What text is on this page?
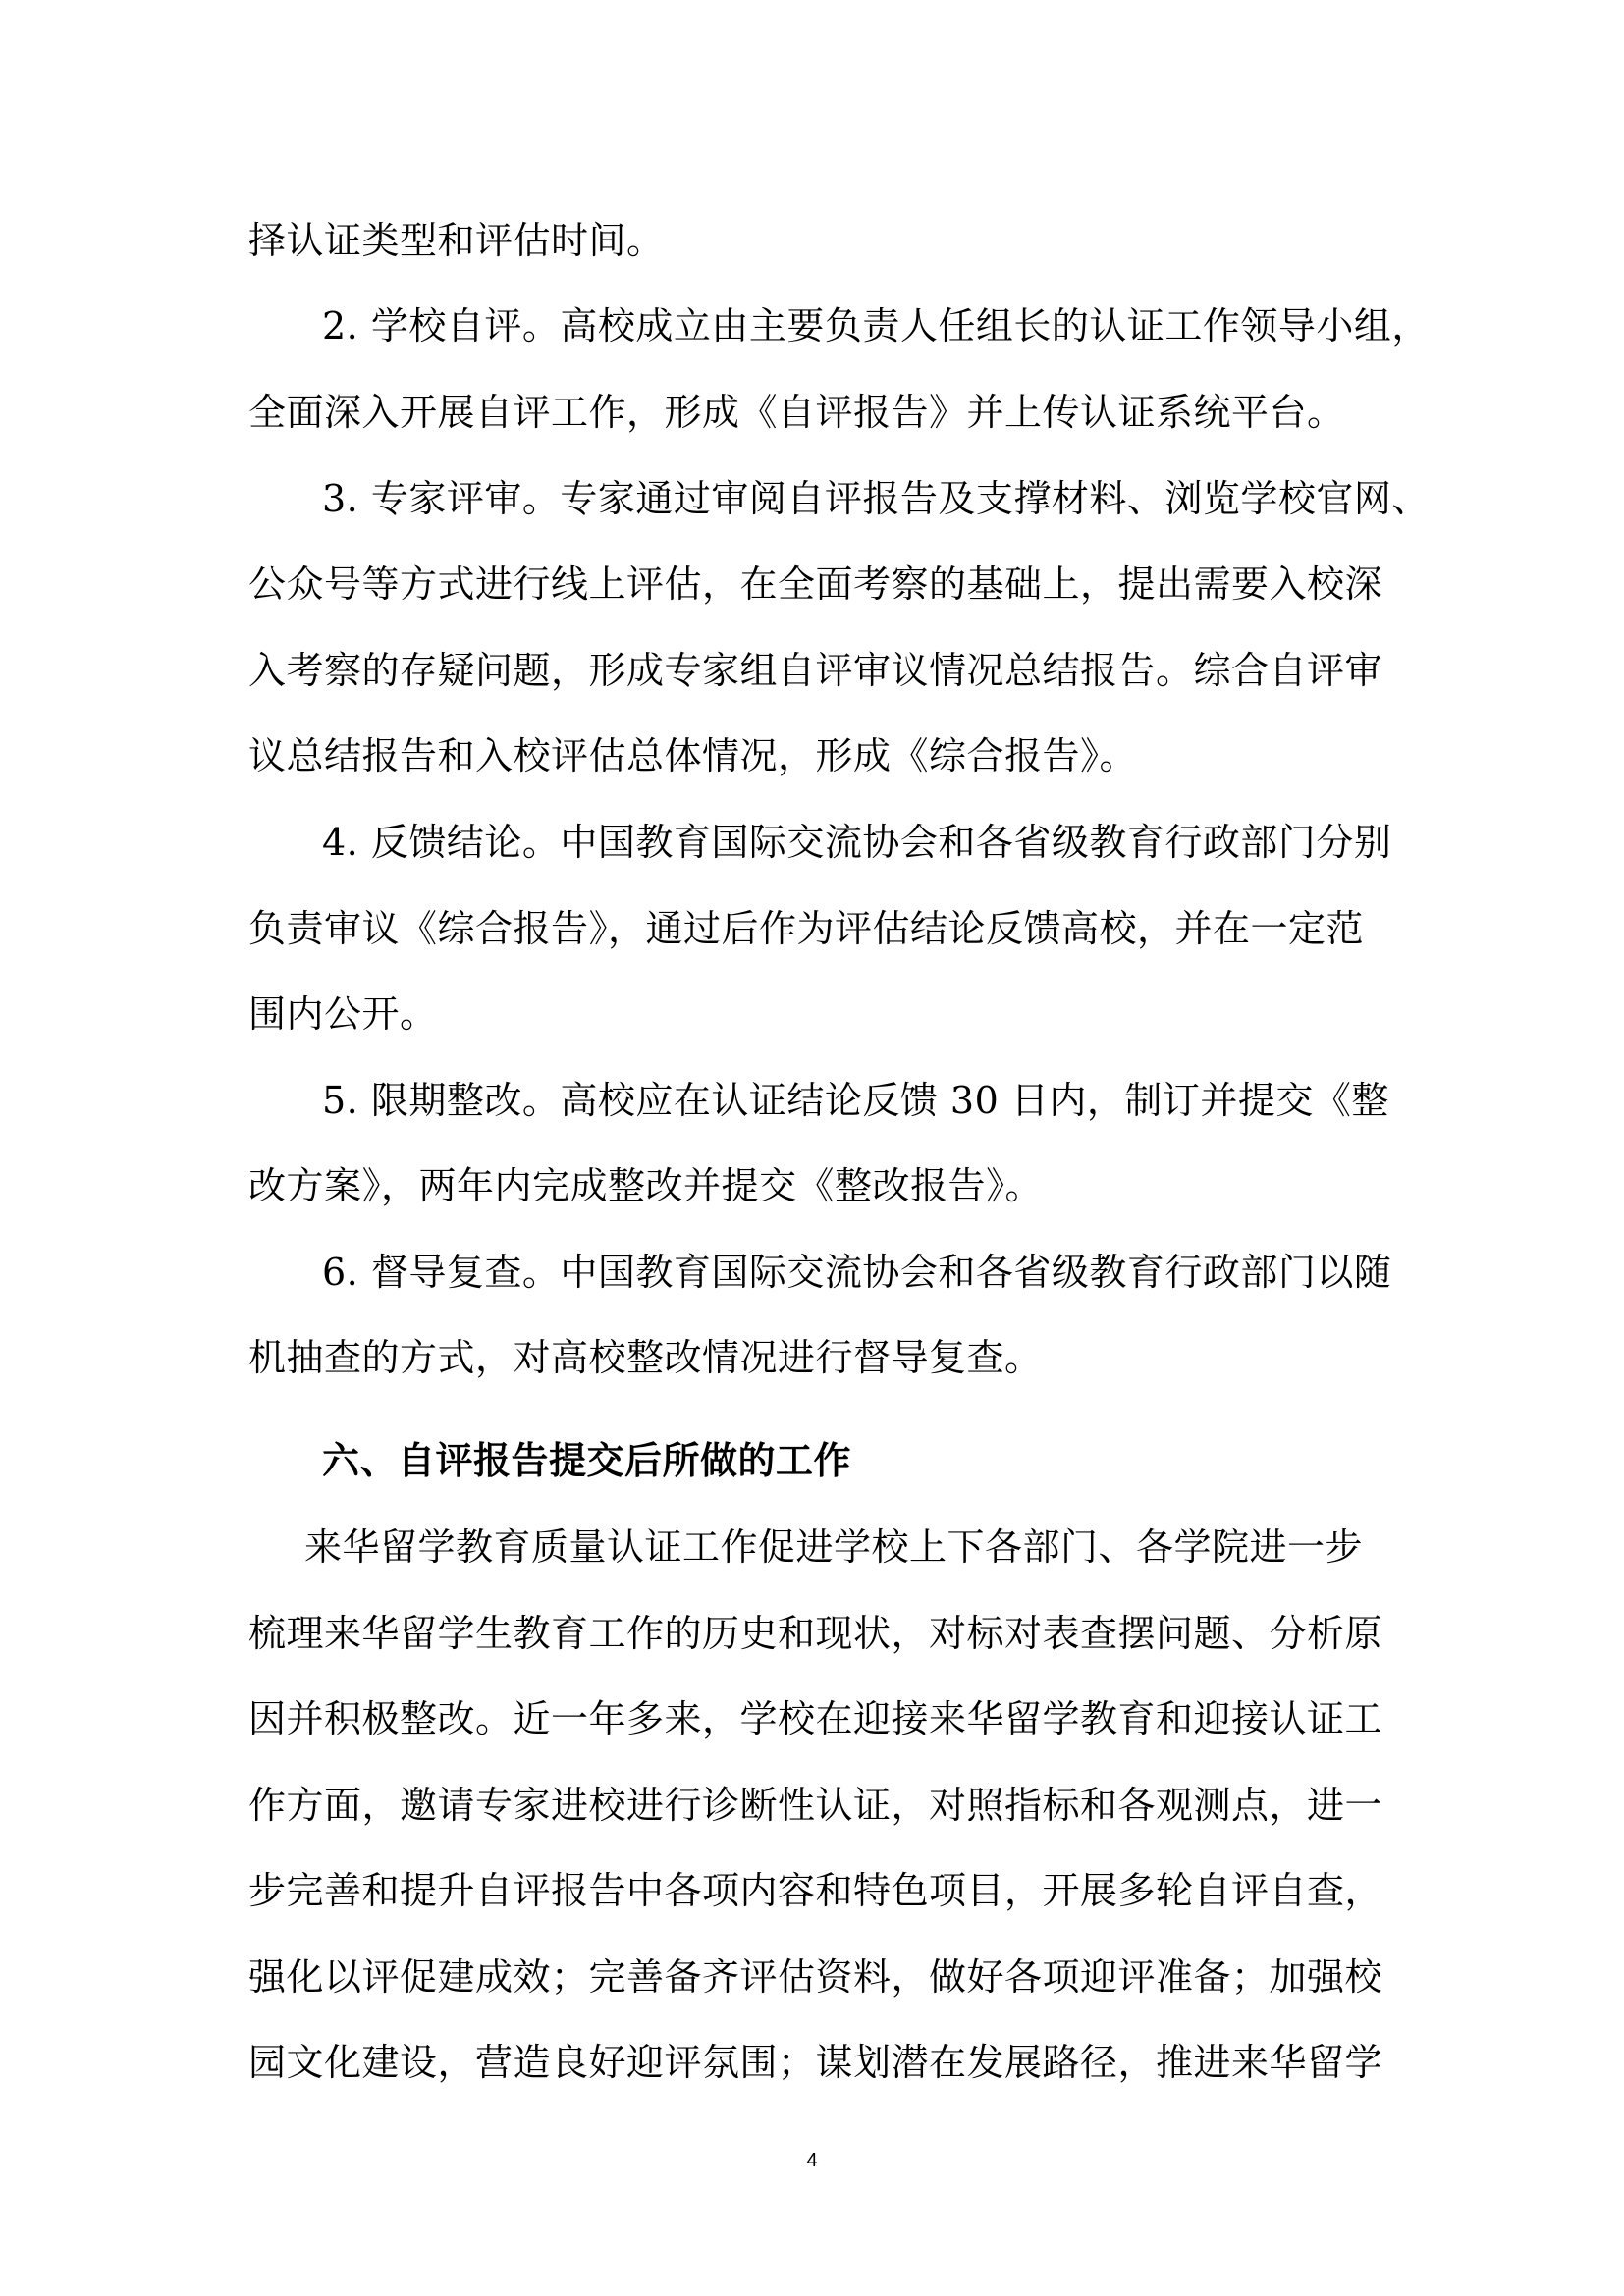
择认证类型和评估时间。
2. 学校自评。高校成立由主要负责人任组长的认证工作领导小组，
全面深入开展自评工作，形成《自评报告》并上传认证系统平台。
3. 专家评审。专家通过审阅自评报告及支撑材料、浏览学校官网、
公众号等方式进行线上评估，在全面考察的基础上，提出需要入校深
入考察的存疑问题，形成专家组自评审议情况总结报告。综合自评审
议总结报告和入校评估总体情况，形成《综合报告》。
4. 反馈结论。中国教育国际交流协会和各省级教育行政部门分别
负责审议《综合报告》，通过后作为评估结论反馈高校，并在一定范
围内公开。
5. 限期整改。高校应在认证结论反馈 30 日内，制订并提交《整
改方案》，两年内完成整改并提交《整改报告》。
6. 督导复查。中国教育国际交流协会和各省级教育行政部门以随
机抽查的方式，对高校整改情况进行督导复查。
六、自评报告提交后所做的工作
来华留学教育质量认证工作促进学校上下各部门、各学院进一步
梳理来华留学生教育工作的历史和现状，对标对表查摆问题、分析原
因并积极整改。近一年多来，学校在迎接来华留学教育和迎接认证工
作方面，邀请专家进校进行诊断性认证，对照指标和各观测点，进一
步完善和提升自评报告中各项内容和特色项目，开展多轮自评自查，
强化以评促建成效；完善备齐评估资料，做好各项迎评准备；加强校
园文化建设，营造良好迎评氛围；谋划潜在发展路径，推进来华留学
4
